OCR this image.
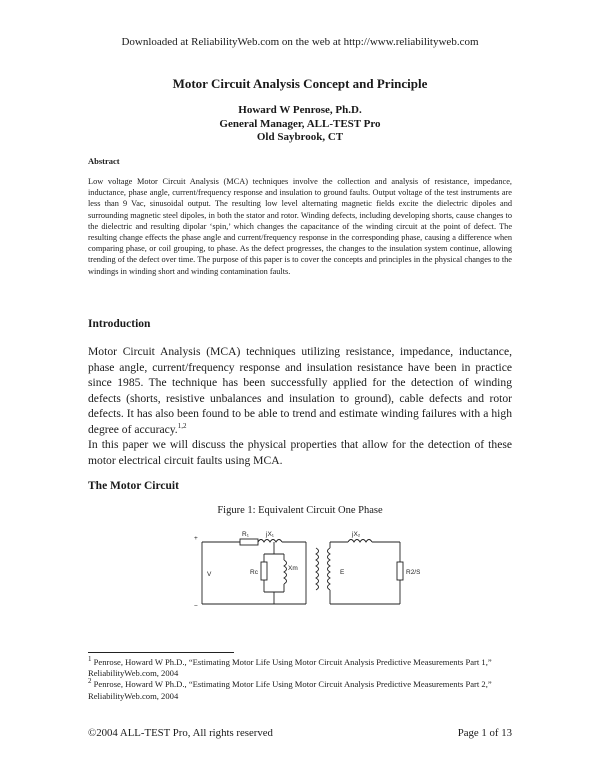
Downloaded at ReliabilityWeb.com on the web at http://www.reliabilityweb.com
Motor Circuit Analysis Concept and Principle
Howard W Penrose, Ph.D.
General Manager, ALL-TEST Pro
Old Saybrook, CT
Abstract
Low voltage Motor Circuit Analysis (MCA) techniques involve the collection and analysis of resistance, impedance, inductance, phase angle, current/frequency response and insulation to ground faults. Output voltage of the test instruments are less than 9 Vac, sinusoidal output. The resulting low level alternating magnetic fields excite the dielectric dipoles and surrounding magnetic steel dipoles, in both the stator and rotor. Winding defects, including developing shorts, cause changes to the dielectric and resulting dipolar ‘spin,’ which changes the capacitance of the winding circuit at the point of defect. The resulting change effects the phase angle and current/frequency response in the corresponding phase, causing a difference when comparing phase, or coil grouping, to phase. As the defect progresses, the changes to the insulation system continue, allowing trending of the defect over time. The purpose of this paper is to cover the concepts and principles in the physical changes to the windings in winding short and winding contamination faults.
Introduction
Motor Circuit Analysis (MCA) techniques utilizing resistance, impedance, inductance, phase angle, current/frequency response and insulation resistance have been in practice since 1985. The technique has been successfully applied for the detection of winding defects (shorts, resistive unbalances and insulation to ground), cable defects and rotor defects. It has also been found to be able to trend and estimate winding failures with a high degree of accuracy.$^{1,2}$
In this paper we will discuss the physical properties that allow for the detection of these motor electrical circuit faults using MCA.
The Motor Circuit
Figure 1: Equivalent Circuit One Phase
+
−
V
R₁	jX₁
Rc
Xm
E
jX₂
R2/S

$^1$ Penrose, Howard W Ph.D., “Estimating Motor Life Using Motor Circuit Analysis Predictive Measurements Part 1,” ReliabilityWeb.com, 2004

$^2$ Penrose, Howard W Ph.D., “Estimating Motor Life Using Motor Circuit Analysis Predictive Measurements Part 2,” ReliabilityWeb.com, 2004

©2004 ALL-TEST Pro, All rights reserved	Page 1 of 13
